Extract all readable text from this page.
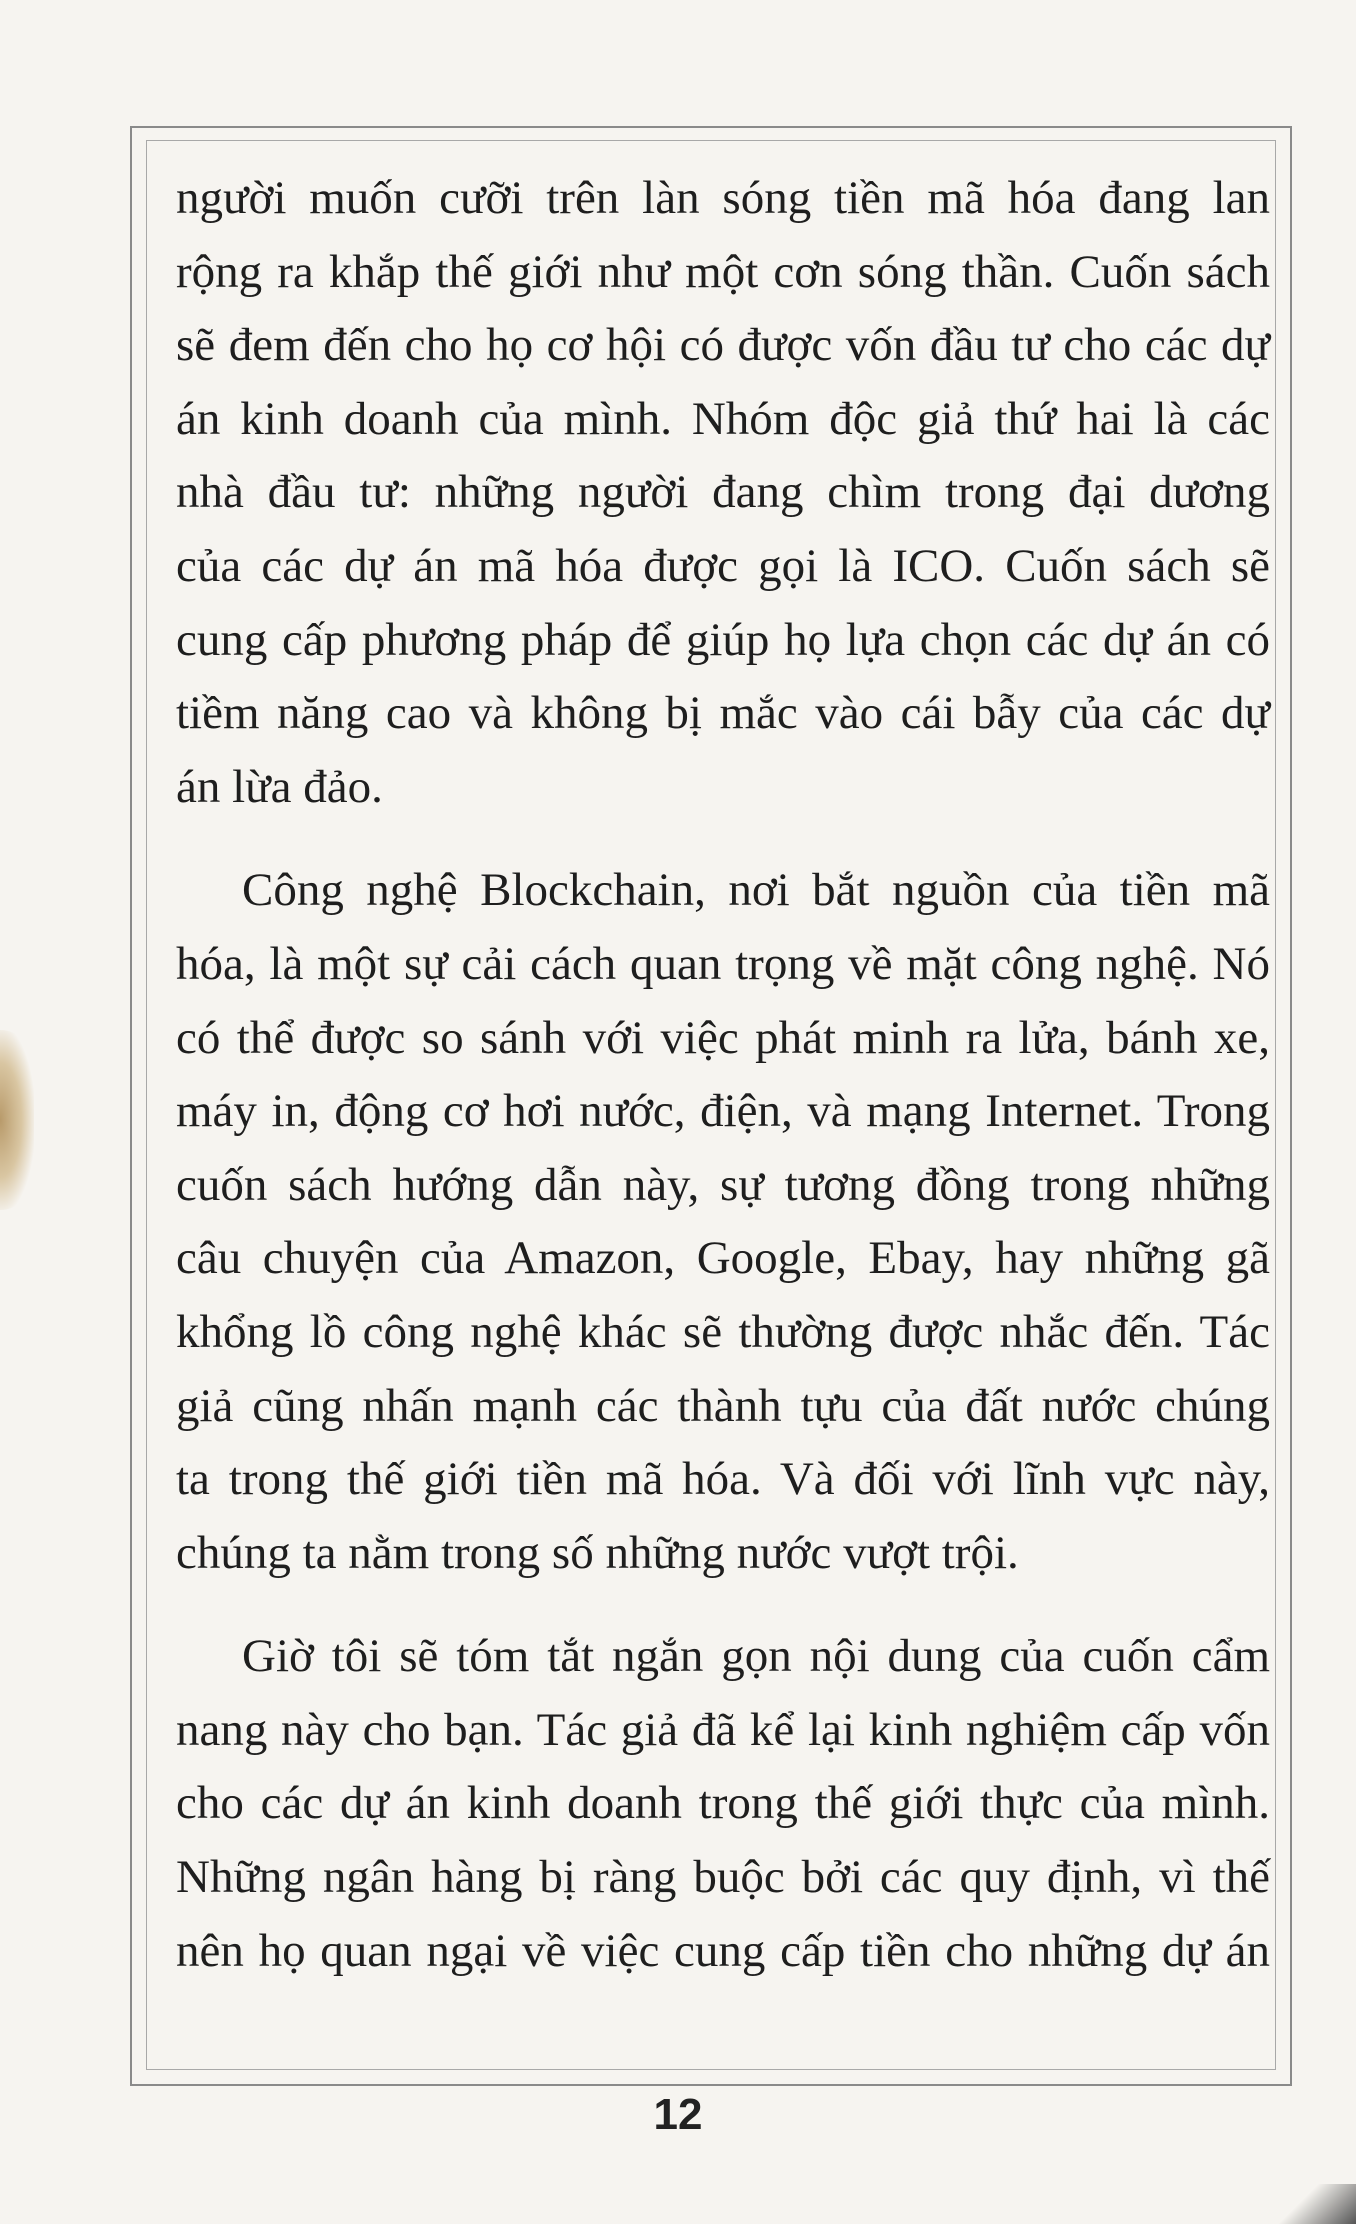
người muốn cưỡi trên làn sóng tiền mã hóa đang lan
rộng ra khắp thế giới như một cơn sóng thần. Cuốn sách
sẽ đem đến cho họ cơ hội có được vốn đầu tư cho các dự
án kinh doanh của mình. Nhóm độc giả thứ hai là các
nhà đầu tư: những người đang chìm trong đại dương
của các dự án mã hóa được gọi là ICO. Cuốn sách sẽ
cung cấp phương pháp để giúp họ lựa chọn các dự án có
tiềm năng cao và không bị mắc vào cái bẫy của các dự
án lừa đảo.

Công nghệ Blockchain, nơi bắt nguồn của tiền mã
hóa, là một sự cải cách quan trọng về mặt công nghệ. Nó
có thể được so sánh với việc phát minh ra lửa, bánh xe,
máy in, động cơ hơi nước, điện, và mạng Internet. Trong
cuốn sách hướng dẫn này, sự tương đồng trong những
câu chuyện của Amazon, Google, Ebay, hay những gã
khổng lồ công nghệ khác sẽ thường được nhắc đến. Tác
giả cũng nhấn mạnh các thành tựu của đất nước chúng
ta trong thế giới tiền mã hóa. Và đối với lĩnh vực này,
chúng ta nằm trong số những nước vượt trội.

Giờ tôi sẽ tóm tắt ngắn gọn nội dung của cuốn cẩm
nang này cho bạn. Tác giả đã kể lại kinh nghiệm cấp vốn
cho các dự án kinh doanh trong thế giới thực của mình.
Những ngân hàng bị ràng buộc bởi các quy định, vì thế
nên họ quan ngại về việc cung cấp tiền cho những dự án

12
